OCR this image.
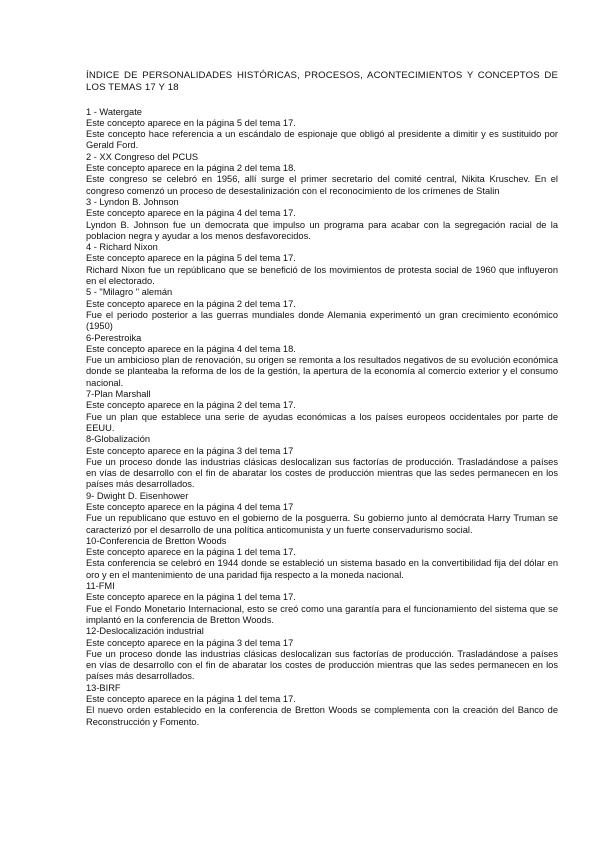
ÍNDICE DE PERSONALIDADES HISTÓRICAS, PROCESOS, ACONTECIMIENTOS Y CONCEPTOS DE LOS TEMAS 17 Y 18
1 - Watergate
Este concepto aparece en la página 5 del tema 17.
Este concepto hace referencia a un escándalo de espionaje que obligó al presidente a dimitir y es sustituido por Gerald Ford.
2 - XX Congreso del PCUS
Este concepto aparece en la página 2 del tema 18.
Este congreso se celebró en 1956, allí surge el primer secretario del comité central, Nikita Kruschev. En el congreso comenzó un proceso de desestalinización con el reconocimiento de los crímenes de Stalin
3 - Lyndon B. Johnson
Este concepto aparece en la página 4 del tema 17.
Lyndon B. Johnson fue un democrata que impulso un programa para acabar con la segregación racial de la poblacion negra y ayudar a los menos desfavorecidos.
4 - Richard Nixon
Este concepto aparece en la página 5 del tema 17.
Richard Nixon fue un repúblicano que se benefició de los movimientos de protesta social de 1960 que influyeron en el electorado.
5 - "Milagro " alemán
Este concepto aparece en la página 2 del tema 17.
Fue el periodo posterior a las guerras mundiales donde Alemania experimentó un gran crecimiento económico (1950)
6-Perestroika
Este concepto aparece en la página 4 del tema 18.
Fue un ambicioso plan de renovación, su origen se remonta a los resultados negativos de su evolución económica donde se planteaba la reforma de los de la gestión, la apertura de la economía al comercio exterior y el consumo nacional.
7-Plan Marshall
Este concepto aparece en la página 2 del tema 17.
Fue un plan que establece una serie de ayudas económicas a los países europeos occidentales por parte de EEUU.
8-Globalización
Este concepto aparece en la página 3 del tema 17
Fue un proceso donde las industrias clásicas deslocalizan sus factorías de producción. Trasladándose a países en vías de desarrollo con el fin de abaratar los costes de producción mientras que las sedes permanecen en los países más desarrollados.
9- Dwight D. Eisenhower
Este concepto aparece en la página 4 del tema 17
Fue un republicano que estuvo en el gobierno de la posguerra. Su gobierno junto al demócrata Harry Truman se caracterizó por el desarrollo de una política anticomunista y un fuerte conservadurismo social.
10-Conferencia de Bretton Woods
Este concepto aparece en la página 1 del tema 17.
Esta conferencia se celebró en 1944 donde se estableció un sistema basado en la convertibilidad fija del dólar en oro y en el mantenimiento de una paridad fija respecto a la moneda nacional.
11-FMI
Este concepto aparece en la página 1 del tema 17.
Fue el Fondo Monetario Internacional, esto se creó como una garantía para el funcionamiento del sistema que se implantó en la conferencia de Bretton Woods.
12-Deslocalización industrial
Este concepto aparece en la página 3 del tema 17
Fue un proceso donde las industrias clásicas deslocalizan sus factorías de producción. Trasladándose a países en vías de desarrollo con el fin de abaratar los costes de producción mientras que las sedes permanecen en los países más desarrollados.
13-BIRF
Este concepto aparece en la página 1 del tema 17.
El nuevo orden establecido en la conferencia de Bretton Woods se complementa con la creación del Banco de Reconstrucción y Fomento.
